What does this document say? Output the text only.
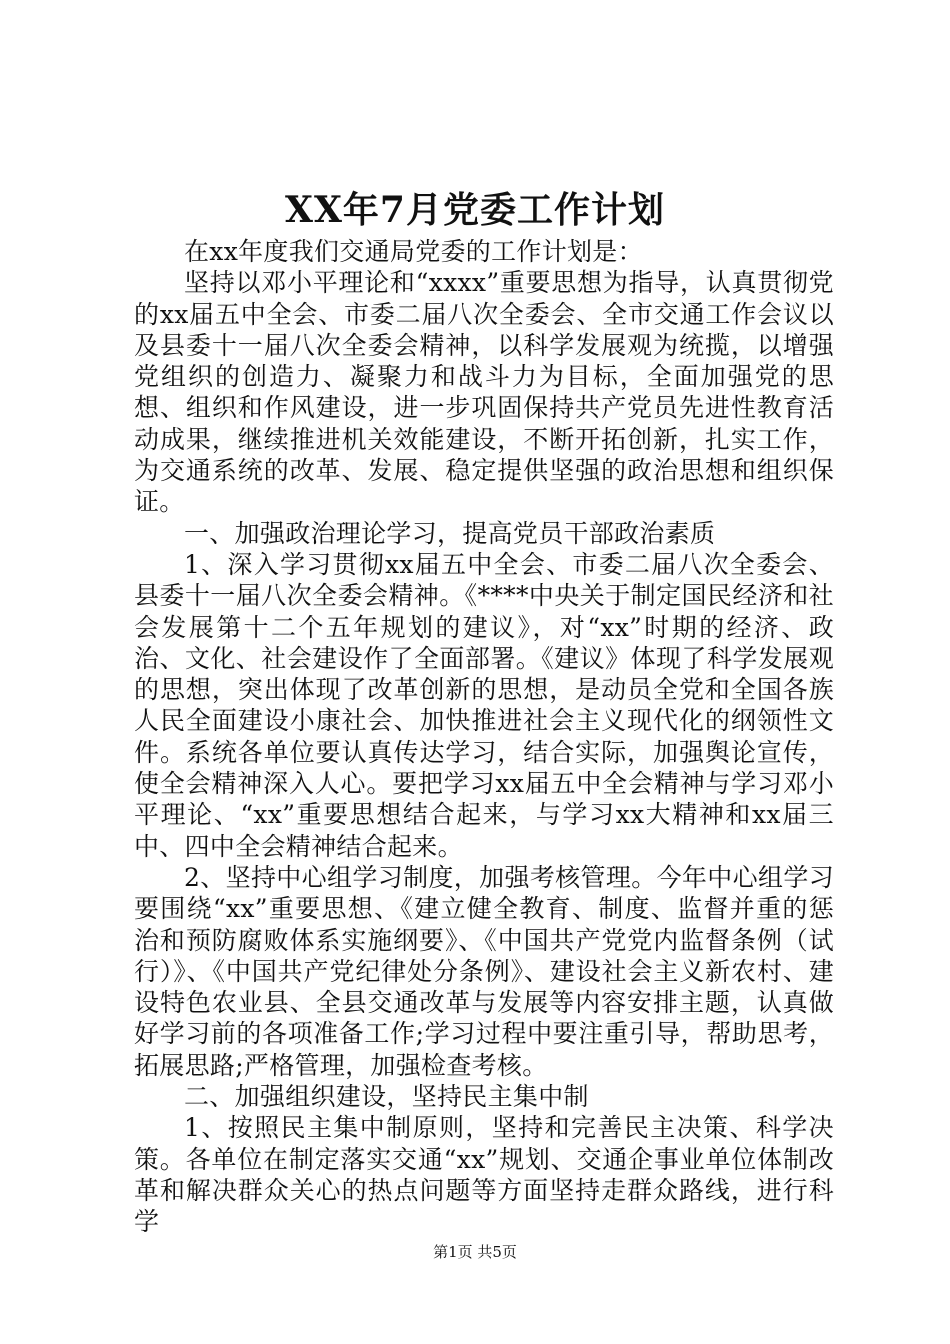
XX年7月党委工作计划

在xx年度我们交通局党委的工作计划是：

坚持以邓小平理论和“xxxx”重要思想为指导，认真贯彻党的xx届五中全会、市委二届八次全委会、全市交通工作会议以及县委十一届八次全委会精神，以科学发展观为统揽，以增强党组织的创造力、凝聚力和战斗力为目标，全面加强党的思想、组织和作风建设，进一步巩固保持共产党员先进性教育活动成果，继续推进机关效能建设，不断开拓创新，扎实工作，为交通系统的改革、发展、稳定提供坚强的政治思想和组织保证。

一、加强政治理论学习，提高党员干部政治素质

1、深入学习贯彻xx届五中全会、市委二届八次全委会、县委十一届八次全委会精神。《****中央关于制定国民经济和社会发展第十二个五年规划的建议》，对“xx”时期的经济、政治、文化、社会建设作了全面部署。《建议》体现了科学发展观的思想，突出体现了改革创新的思想，是动员全党和全国各族人民全面建设小康社会、加快推进社会主义现代化的纲领性文件。系统各单位要认真传达学习，结合实际，加强舆论宣传，使全会精神深入人心。要把学习xx届五中全会精神与学习邓小平理论、“xx”重要思想结合起来，与学习xx大精神和xx届三中、四中全会精神结合起来。

2、坚持中心组学习制度，加强考核管理。今年中心组学习要围绕“xx”重要思想、《建立健全教育、制度、监督并重的惩治和预防腐败体系实施纲要》、《中国共产党党内监督条例（试行）》、《中国共产党纪律处分条例》、建设社会主义新农村、建设特色农业县、全县交通改革与发展等内容安排主题，认真做好学习前的各项准备工作;学习过程中要注重引导，帮助思考，拓展思路;严格管理，加强检查考核。

二、加强组织建设，坚持民主集中制

1、按照民主集中制原则，坚持和完善民主决策、科学决策。各单位在制定落实交通“xx”规划、交通企事业单位体制改革和解决群众关心的热点问题等方面坚持走群众路线，进行科学

第1页 共5页
